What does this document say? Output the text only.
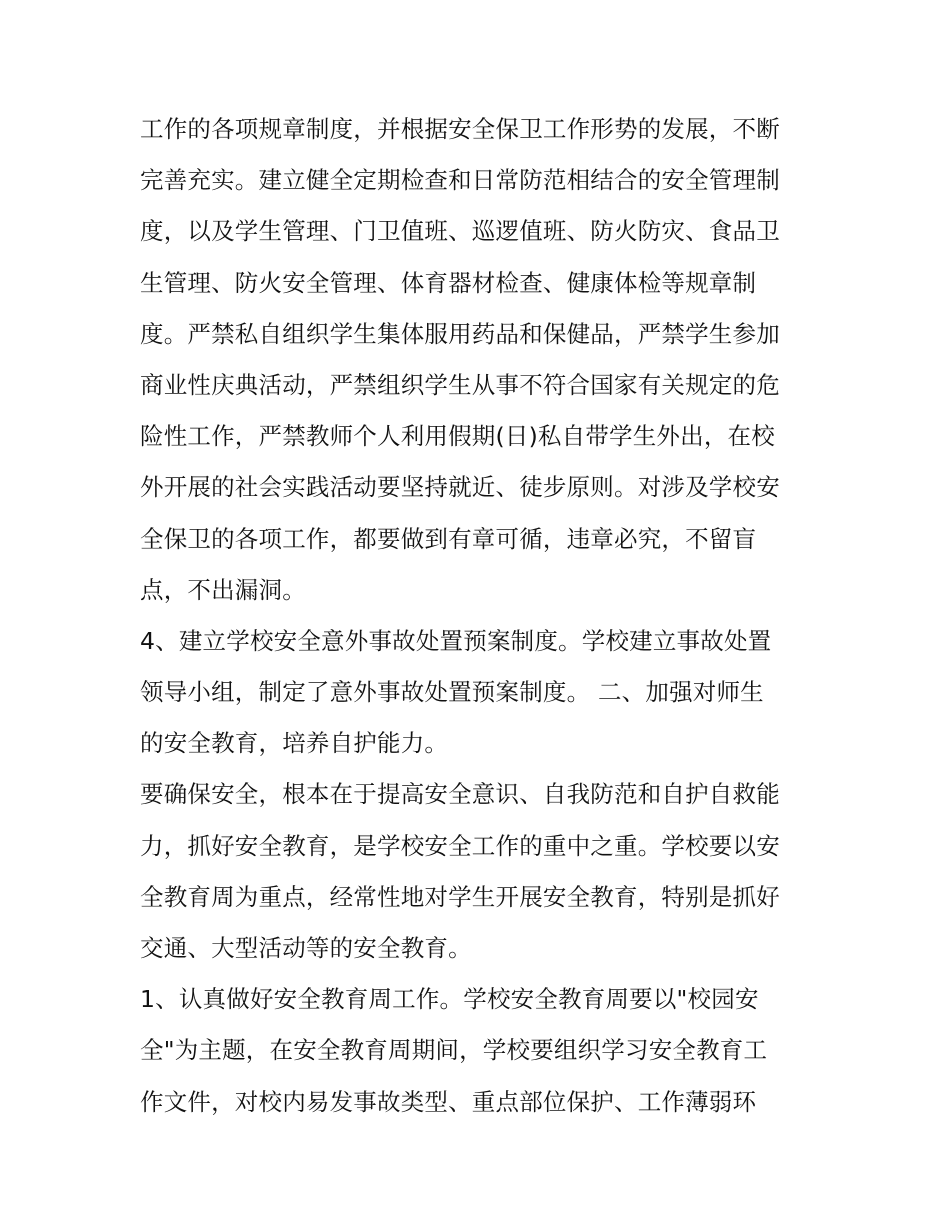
工作的各项规章制度，并根据安全保卫工作形势的发展，不断
完善充实。建立健全定期检查和日常防范相结合的安全管理制
度，以及学生管理、门卫值班、巡逻值班、防火防灾、食品卫
生管理、防火安全管理、体育器材检查、健康体检等规章制
度。严禁私自组织学生集体服用药品和保健品，严禁学生参加
商业性庆典活动，严禁组织学生从事不符合国家有关规定的危
险性工作，严禁教师个人利用假期(日)私自带学生外出，在校
外开展的社会实践活动要坚持就近、徒步原则。对涉及学校安
全保卫的各项工作，都要做到有章可循，违章必究，不留盲
点，不出漏洞。
4、建立学校安全意外事故处置预案制度。学校建立事故处置
领导小组，制定了意外事故处置预案制度。 二、加强对师生
的安全教育，培养自护能力。
要确保安全，根本在于提高安全意识、自我防范和自护自救能
力，抓好安全教育，是学校安全工作的重中之重。学校要以安
全教育周为重点，经常性地对学生开展安全教育，特别是抓好
交通、大型活动等的安全教育。
1、认真做好安全教育周工作。学校安全教育周要以"校园安
全"为主题，在安全教育周期间，学校要组织学习安全教育工
作文件，对校内易发事故类型、重点部位保护、工作薄弱环
